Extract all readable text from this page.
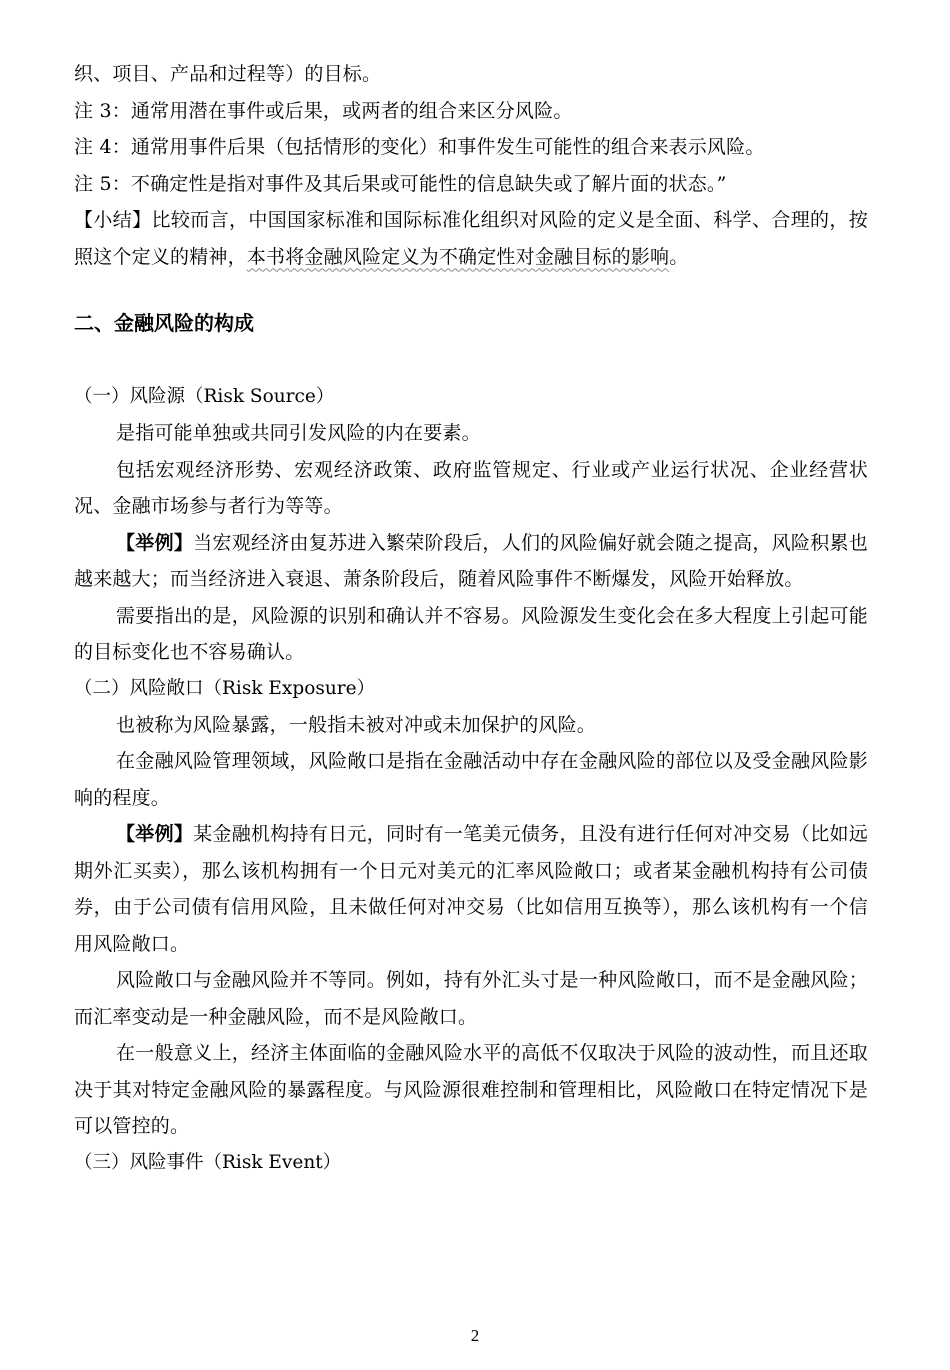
织、项目、产品和过程等）的目标。

注 3：通常用潜在事件或后果，或两者的组合来区分风险。

注 4：通常用事件后果（包括情形的变化）和事件发生可能性的组合来表示风险。

注 5：不确定性是指对事件及其后果或可能性的信息缺失或了解片面的状态。”

【小结】比较而言，中国国家标准和国际标准化组织对风险的定义是全面、科学、合理的，按照这个定义的精神，本书将金融风险定义为不确定性对金融目标的影响。

二、金融风险的构成

（一）风险源（Risk Source）

是指可能单独或共同引发风险的内在要素。

包括宏观经济形势、宏观经济政策、政府监管规定、行业或产业运行状况、企业经营状况、金融市场参与者行为等等。

【举例】当宏观经济由复苏进入繁荣阶段后，人们的风险偏好就会随之提高，风险积累也越来越大；而当经济进入衰退、萧条阶段后，随着风险事件不断爆发，风险开始释放。

需要指出的是，风险源的识别和确认并不容易。风险源发生变化会在多大程度上引起可能的目标变化也不容易确认。

（二）风险敞口（Risk Exposure）

也被称为风险暴露，一般指未被对冲或未加保护的风险。

在金融风险管理领域，风险敞口是指在金融活动中存在金融风险的部位以及受金融风险影响的程度。

【举例】某金融机构持有日元，同时有一笔美元债务，且没有进行任何对冲交易（比如远期外汇买卖），那么该机构拥有一个日元对美元的汇率风险敞口；或者某金融机构持有公司债券，由于公司债有信用风险，且未做任何对冲交易（比如信用互换等），那么该机构有一个信用风险敞口。

风险敞口与金融风险并不等同。例如，持有外汇头寸是一种风险敞口，而不是金融风险；而汇率变动是一种金融风险，而不是风险敞口。

在一般意义上，经济主体面临的金融风险水平的高低不仅取决于风险的波动性，而且还取决于其对特定金融风险的暴露程度。与风险源很难控制和管理相比，风险敞口在特定情况下是可以管控的。

（三）风险事件（Risk Event）

2
